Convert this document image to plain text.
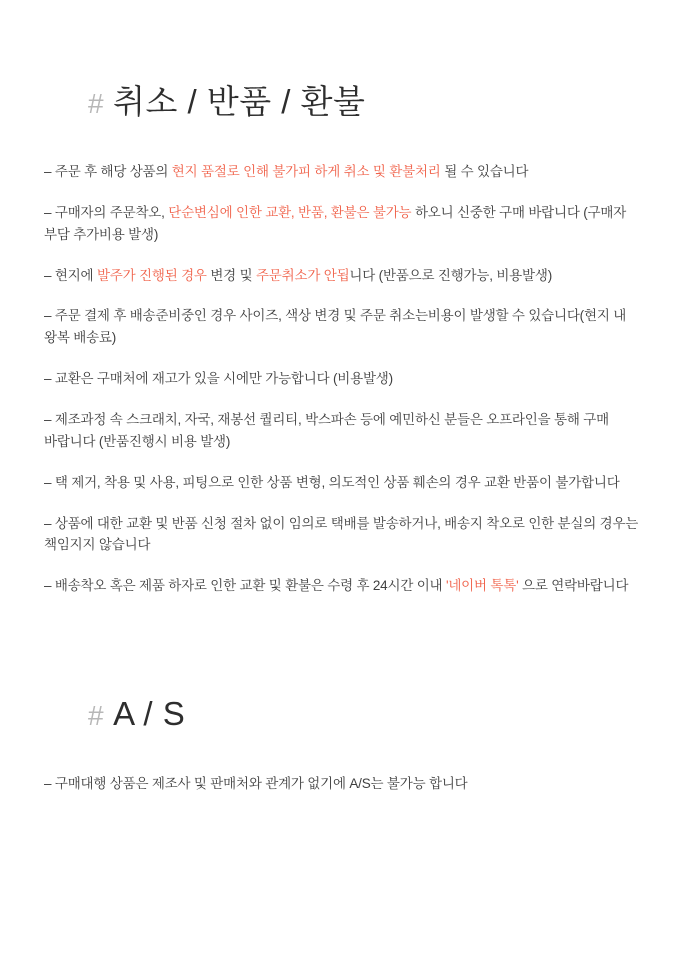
# 취소 / 반품 / 환불
– 주문 후 해당 상품의 현지 품절로 인해 불가피 하게 취소 및 환불처리 될 수 있습니다
– 구매자의 주문착오, 단순변심에 인한 교환, 반품, 환불은 불가능 하오니 신중한 구매 바랍니다 (구매자 부담 추가비용 발생)
– 현지에 발주가 진행된 경우 변경 및 주문취소가 안됩니다 (반품으로 진행가능, 비용발생)
– 주문 결제 후 배송준비중인 경우 사이즈, 색상 변경 및 주문 취소는비용이 발생할 수 있습니다(현지 내 왕복 배송료)
– 교환은 구매처에 재고가 있을 시에만 가능합니다 (비용발생)
– 제조과정 속 스크래치, 자국, 재봉선 퀄리티, 박스파손 등에 예민하신 분들은 오프라인을 통해 구매 바랍니다 (반품진행시 비용 발생)
– 택 제거, 착용 및 사용, 피팅으로 인한 상품 변형, 의도적인 상품 훼손의 경우 교환 반품이 불가합니다
– 상품에 대한 교환 및 반품 신청 절차 없이 임의로 택배를 발송하거나, 배송지 착오로 인한 분실의 경우는 책임지지 않습니다
– 배송착오 혹은 제품 하자로 인한 교환 및 환불은 수령 후 24시간 이내 '네이버 톡톡' 으로 연락바랍니다
# A / S
– 구매대행 상품은 제조사 및 판매처와 관계가 없기에 A/S는 불가능 합니다
